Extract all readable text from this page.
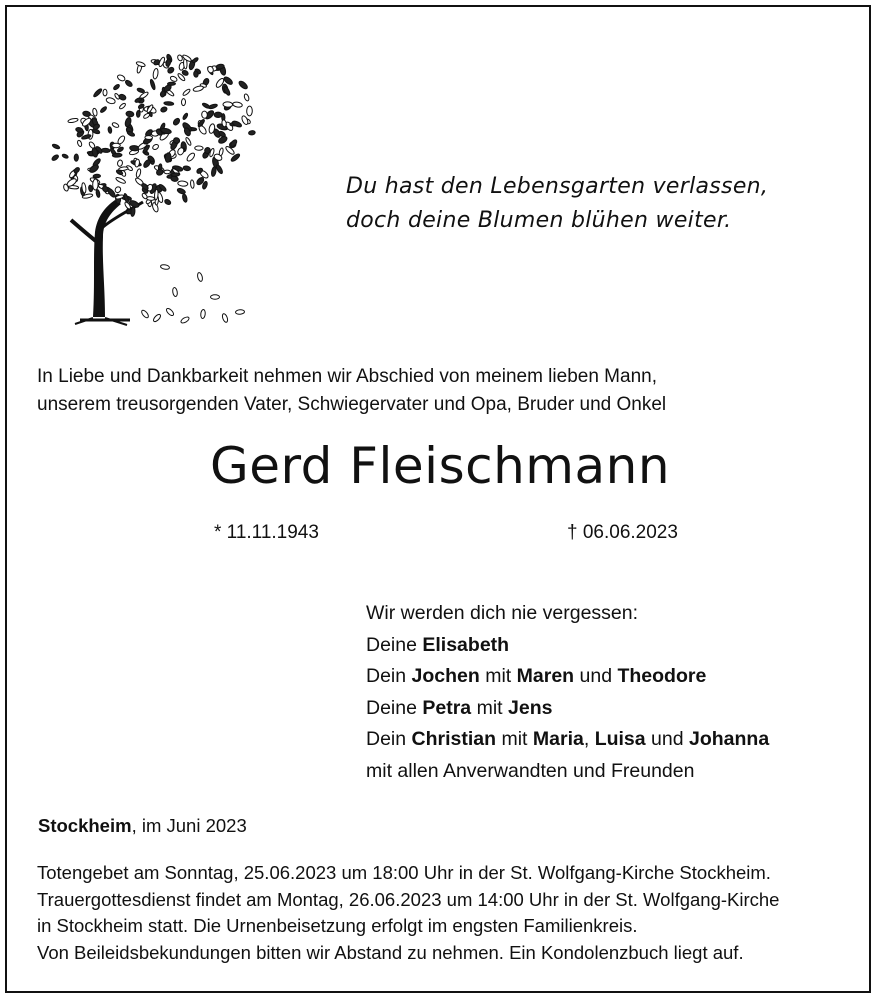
Du hast den Lebensgarten verlassen,
doch deine Blumen blühen weiter.
In Liebe und Dankbarkeit nehmen wir Abschied von meinem lieben Mann,
unserem treusorgenden Vater, Schwiegervater und Opa, Bruder und Onkel
Gerd Fleischmann
* 11.11.1943	† 06.06.2023
Wir werden dich nie vergessen:
Deine Elisabeth
Dein Jochen mit Maren und Theodore
Deine Petra mit Jens
Dein Christian mit Maria, Luisa und Johanna
mit allen Anverwandten und Freunden
Stockheim, im Juni 2023
Totengebet am Sonntag, 25.06.2023 um 18:00 Uhr in der St. Wolfgang-Kirche Stockheim.
Trauergottesdienst findet am Montag, 26.06.2023 um 14:00 Uhr in der St. Wolfgang-Kirche
in Stockheim statt. Die Urnenbeisetzung erfolgt im engsten Familienkreis.
Von Beileidsbekundungen bitten wir Abstand zu nehmen. Ein Kondolenzbuch liegt auf.
